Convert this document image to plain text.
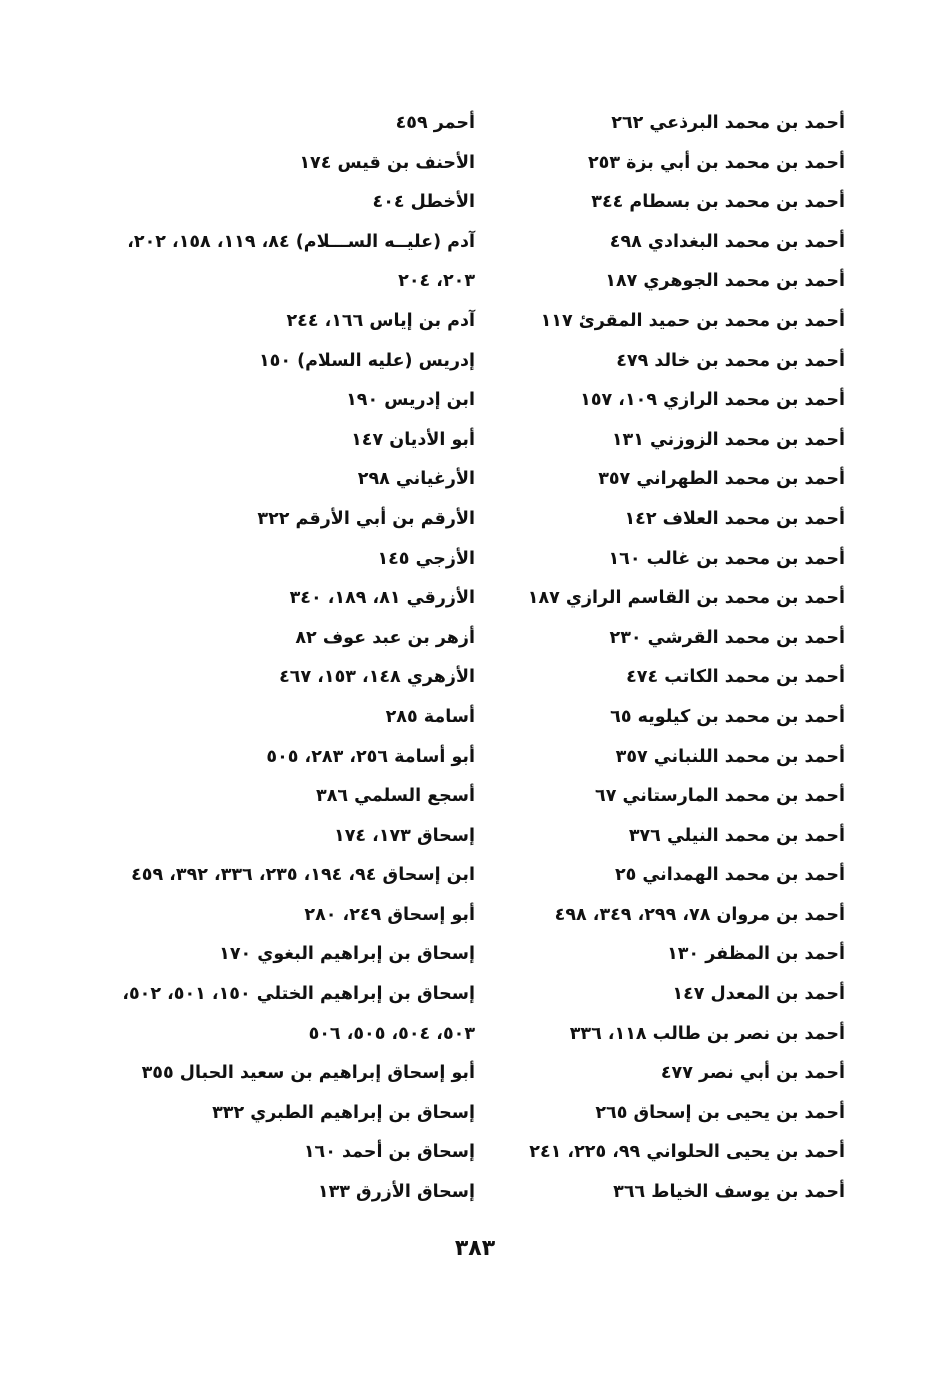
أحمد بن محمد البرذعي ٢٦٢
أحمد بن محمد بن أبي بزة ٢٥٣
أحمد بن محمد بن بسطام ٣٤٤
أحمد بن محمد البغدادي ٤٩٨
أحمد بن محمد الجوهري ١٨٧
أحمد بن محمد بن حميد المقرئ ١١٧
أحمد بن محمد بن خالد ٤٧٩
أحمد بن محمد الرازي ١٠٩، ١٥٧
أحمد بن محمد الزوزني ١٣١
أحمد بن محمد الطهراني ٣٥٧
أحمد بن محمد العلاف ١٤٢
أحمد بن محمد بن غالب ١٦٠
أحمد بن محمد بن القاسم الرازي ١٨٧
أحمد بن محمد القرشي ٢٣٠
أحمد بن محمد الكاتب ٤٧٤
أحمد بن محمد بن كيلويه ٦٥
أحمد بن محمد اللنباني ٣٥٧
أحمد بن محمد المارستاني ٦٧
أحمد بن محمد النيلي ٣٧٦
أحمد بن محمد الهمداني ٢٥
أحمد بن مروان ٧٨، ٢٩٩، ٣٤٩، ٤٩٨
أحمد بن المظفر ١٣٠
أحمد بن المعدل ١٤٧
أحمد بن نصر بن طالب ١١٨، ٣٣٦
أحمد بن أبي نصر ٤٧٧
أحمد بن يحيى بن إسحاق ٢٦٥
أحمد بن يحيى الحلواني ٩٩، ٢٢٥، ٢٤١
أحمد بن يوسف الخياط ٣٦٦
أحمر ٤٥٩
الأحنف بن قيس ١٧٤
الأخطل ٤٠٤
آدم (عليــه الســـلام) ٨٤، ١١٩، ١٥٨، ٢٠٢،
٢٠٣، ٢٠٤
آدم بن إياس ١٦٦، ٢٤٤
إدريس (عليه السلام) ١٥٠
ابن إدريس ١٩٠
أبو الأديان ١٤٧
الأرغياني ٢٩٨
الأرقم بن أبي الأرقم ٣٢٢
الأزجي ١٤٥
الأزرقي ٨١، ١٨٩، ٣٤٠
أزهر بن عبد عوف ٨٢
الأزهري ١٤٨، ١٥٣، ٤٦٧
أسامة ٢٨٥
أبو أسامة ٢٥٦، ٢٨٣، ٥٠٥
أسجع السلمي ٣٨٦
إسحاق ١٧٣، ١٧٤
ابن إسحاق ٩٤، ١٩٤، ٢٣٥، ٣٣٦، ٣٩٢، ٤٥٩
أبو إسحاق ٢٤٩، ٢٨٠
إسحاق بن إبراهيم البغوي ١٧٠
إسحاق بن إبراهيم الختلي ١٥٠، ٥٠١، ٥٠٢،
٥٠٣، ٥٠٤، ٥٠٥، ٥٠٦
أبو إسحاق إبراهيم بن سعيد الحبال ٣٥٥
إسحاق بن إبراهيم الطبري ٣٣٢
إسحاق بن أحمد ١٦٠
إسحاق الأزرق ١٣٣
٣٨٣
